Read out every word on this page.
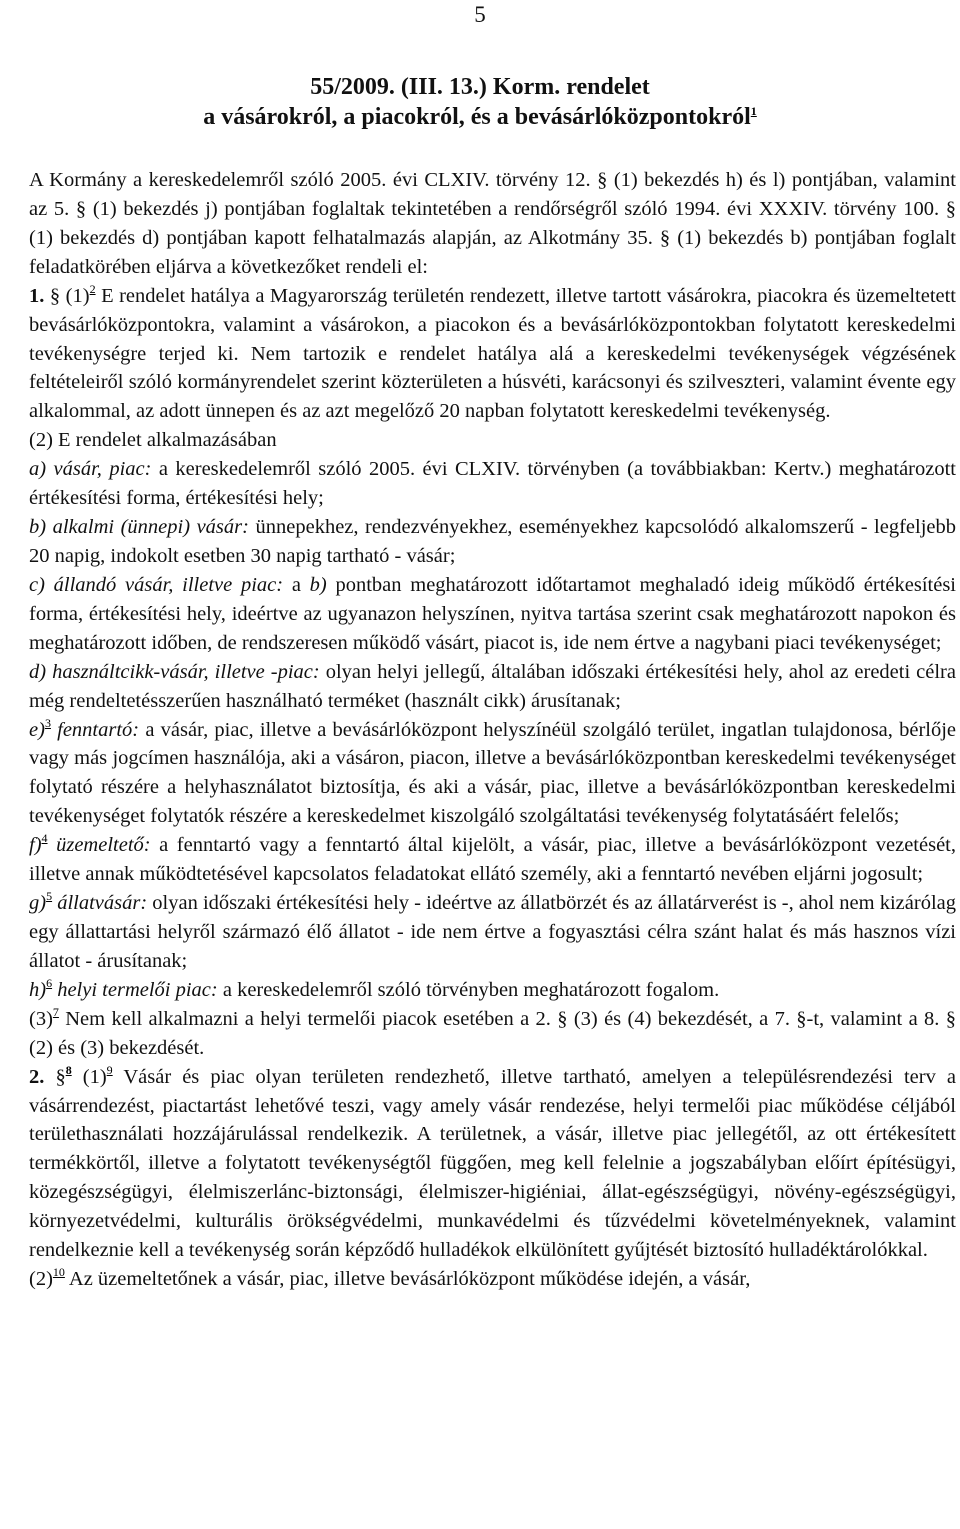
5
55/2009. (III. 13.) Korm. rendelet
a vásárokról, a piacokról, és a bevásárlóközpontokról$^1$

A Kormány a kereskedelemről szóló 2005. évi CLXIV. törvény 12. § (1) bekezdés h) és l) pontjában, valamint az 5. § (1) bekezdés j) pontjában foglaltak tekintetében a rendőrségről szóló 1994. évi XXXIV. törvény 100. § (1) bekezdés d) pontjában kapott felhatalmazás alapján, az Alkotmány 35. § (1) bekezdés b) pontjában foglalt feladatkörében eljárva a következőket rendeli el:

1. § (1)$^2$ E rendelet hatálya a Magyarország területén rendezett, illetve tartott vásárokra, piacokra és üzemeltetett bevásárlóközpontokra, valamint a vásárokon, a piacokon és a bevásárlóközpontokban folytatott kereskedelmi tevékenységre terjed ki. Nem tartozik e rendelet hatálya alá a kereskedelmi tevékenységek végzésének feltételeiről szóló kormányrendelet szerint közterületen a húsvéti, karácsonyi és szilveszteri, valamint évente egy alkalommal, az adott ünnepen és az azt megelőző 20 napban folytatott kereskedelmi tevékenység.

(2) E rendelet alkalmazásában

a) vásár, piac: a kereskedelemről szóló 2005. évi CLXIV. törvényben (a továbbiakban: Kertv.) meghatározott értékesítési forma, értékesítési hely;

b) alkalmi (ünnepi) vásár: ünnepekhez, rendezvényekhez, eseményekhez kapcsolódó alkalomszerű - legfeljebb 20 napig, indokolt esetben 30 napig tartható - vásár;

c) állandó vásár, illetve piac: a b) pontban meghatározott időtartamot meghaladó ideig működő értékesítési forma, értékesítési hely, ideértve az ugyanazon helyszínen, nyitva tartása szerint csak meghatározott napokon és meghatározott időben, de rendszeresen működő vásárt, piacot is, ide nem értve a nagybani piaci tevékenységet;

d) használtcikk-vásár, illetve -piac: olyan helyi jellegű, általában időszaki értékesítési hely, ahol az eredeti célra még rendeltetésszerűen használható terméket (használt cikk) árusítanak;

e)$^3$ fenntartó: a vásár, piac, illetve a bevásárlóközpont helyszínéül szolgáló terület, ingatlan tulajdonosa, bérlője vagy más jogcímen használója, aki a vásáron, piacon, illetve a bevásárlóközpontban kereskedelmi tevékenységet folytató részére a helyhasználatot biztosítja, és aki a vásár, piac, illetve a bevásárlóközpontban kereskedelmi tevékenységet folytatók részére a kereskedelmet kiszolgáló szolgáltatási tevékenység folytatásáért felelős;

f)$^4$ üzemeltető: a fenntartó vagy a fenntartó által kijelölt, a vásár, piac, illetve a bevásárlóközpont vezetését, illetve annak működtetésével kapcsolatos feladatokat ellátó személy, aki a fenntartó nevében eljárni jogosult;

g)$^5$ állatvásár: olyan időszaki értékesítési hely - ideértve az állatbörzét és az állatárverést is -, ahol nem kizárólag egy állattartási helyről származó élő állatot - ide nem értve a fogyasztási célra szánt halat és más hasznos vízi állatot - árusítanak;

h)$^6$ helyi termelői piac: a kereskedelemről szóló törvényben meghatározott fogalom.

(3)$^7$ Nem kell alkalmazni a helyi termelői piacok esetében a 2. § (3) és (4) bekezdését, a 7. §-t, valamint a 8. § (2) és (3) bekezdését.

2. §$^8$ (1)$^9$ Vásár és piac olyan területen rendezhető, illetve tartható, amelyen a településrendezési terv a vásárrendezést, piactartást lehetővé teszi, vagy amely vásár rendezése, helyi termelői piac működése céljából területhasználati hozzájárulással rendelkezik. A területnek, a vásár, illetve piac jellegétől, az ott értékesített termékkörtől, illetve a folytatott tevékenységtől függően, meg kell felelnie a jogszabályban előírt építésügyi, közegészségügyi, élelmiszerlánc-biztonsági, élelmiszer-higiéniai, állat-egészségügyi, növény-egészségügyi, környezetvédelmi, kulturális örökségvédelmi, munkavédelmi és tűzvédelmi követelményeknek, valamint rendelkeznie kell a tevékenység során képződő hulladékok elkülönített gyűjtését biztosító hulladéktárolókkal.

(2)$^{10}$ Az üzemeltetőnek a vásár, piac, illetve bevásárlóközpont működése idején, a vásár,
